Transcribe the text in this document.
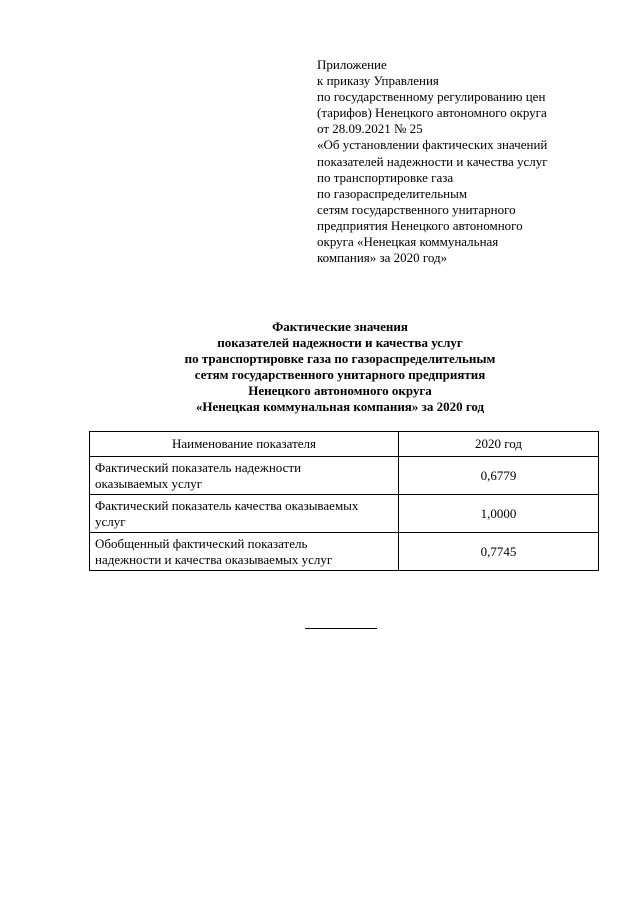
Приложение
к приказу Управления
по государственному регулированию цен
(тарифов) Ненецкого автономного округа
от 28.09.2021 № 25
«Об установлении фактических значений
показателей надежности и качества услуг
по транспортировке газа
по газораспределительным
сетям государственного унитарного
предприятия Ненецкого автономного
округа «Ненецкая коммунальная
компания» за 2020 год»
Фактические значения
показателей надежности и качества услуг
по транспортировке газа по газораспределительным
сетям государственного унитарного предприятия
Ненецкого автономного округа
«Ненецкая коммунальная компания» за 2020 год
Наименование показателя	2020 год

Фактический показатель надежности
оказываемых услуг	0,6779

Фактический показатель качества оказываемых
услуг	1,0000

Обобщенный фактический показатель
надежности и качества оказываемых услуг	0,7745
